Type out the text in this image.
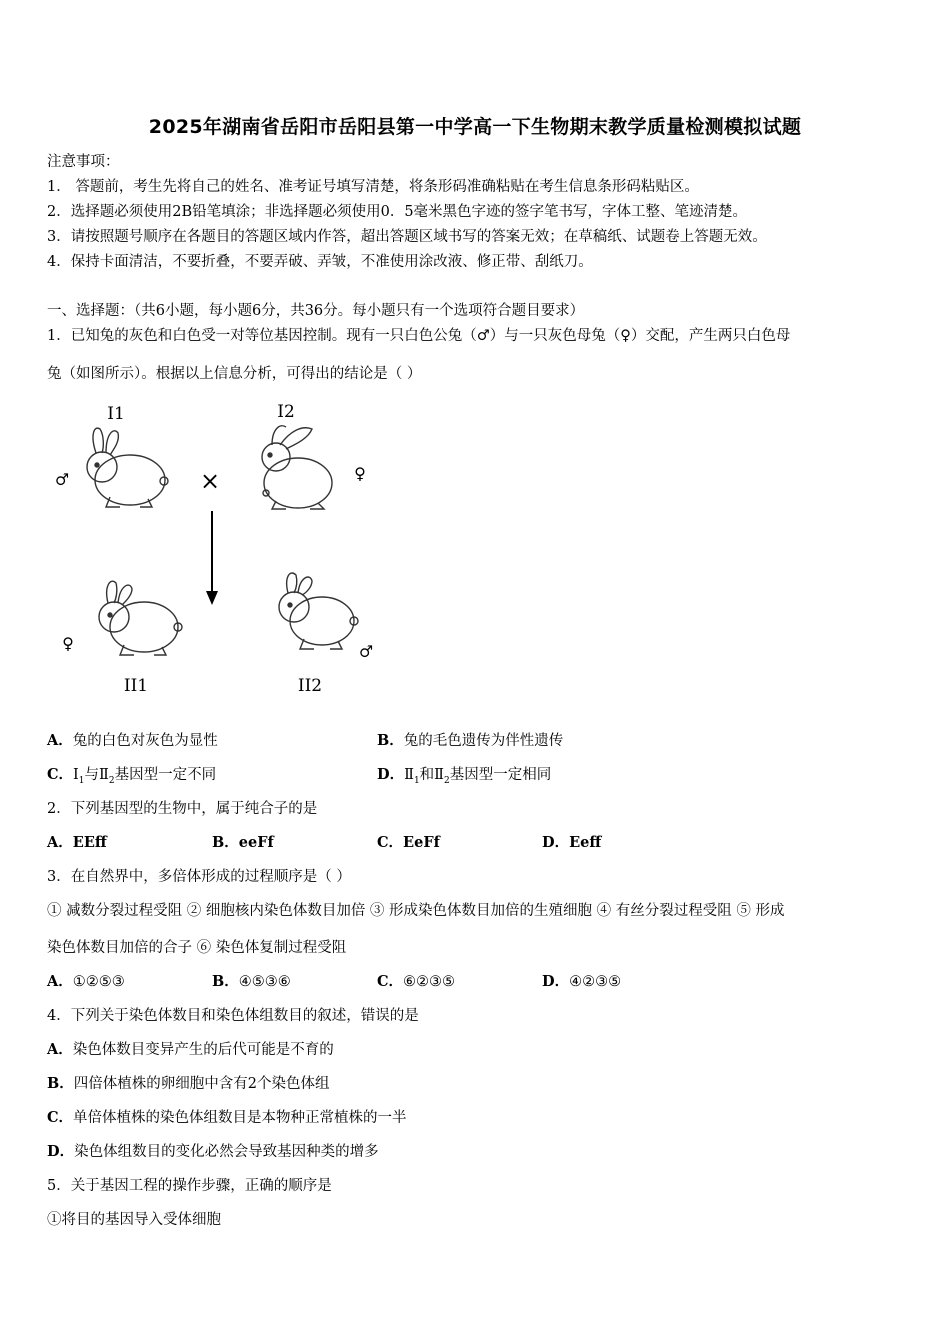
2025年湖南省岳阳市岳阳县第一中学高一下生物期末教学质量检测模拟试题
注意事项：
1． 答题前，考生先将自己的姓名、准考证号填写清楚，将条形码准确粘贴在考生信息条形码粘贴区。
2．选择题必须使用2B铅笔填涂；非选择题必须使用0．5毫米黑色字迹的签字笔书写，字体工整、笔迹清楚。
3．请按照题号顺序在各题目的答题区域内作答，超出答题区域书写的答案无效；在草稿纸、试题卷上答题无效。
4．保持卡面清洁，不要折叠，不要弄破、弄皱，不准使用涂改液、修正带、刮纸刀。
一、选择题：（共6小题，每小题6分，共36分。每小题只有一个选项符合题目要求）
1．已知兔的灰色和白色受一对等位基因控制。现有一只白色公兔（♂）与一只灰色母兔（♀）交配，产生两只白色母
兔（如图所示）。根据以上信息分析，可得出的结论是（ ）
I1	I2
♂	×	♀
♀	♂
II1	II2
A．兔的白色对灰色为显性	B．兔的毛色遗传为伴性遗传
C．$Ⅰ_1$与$Ⅱ_2$基因型一定不同	D．$Ⅱ_1$和$Ⅱ_2$基因型一定相同
2．下列基因型的生物中，属于纯合子的是
A．EEff	B．eeFf	C．EeFf	D．Eeff
3．在自然界中，多倍体形成的过程顺序是（ ）
① 减数分裂过程受阻 ② 细胞核内染色体数目加倍 ③ 形成染色体数目加倍的生殖细胞 ④ 有丝分裂过程受阻 ⑤ 形成
染色体数目加倍的合子 ⑥ 染色体复制过程受阻
A．①②⑤③	B．④⑤③⑥	C．⑥②③⑤	D．④②③⑤
4．下列关于染色体数目和染色体组数目的叙述，错误的是
A．染色体数目变异产生的后代可能是不育的
B．四倍体植株的卵细胞中含有2个染色体组
C．单倍体植株的染色体组数目是本物种正常植株的一半
D．染色体组数目的变化必然会导致基因种类的增多
5．关于基因工程的操作步骤，正确的顺序是
①将目的基因导入受体细胞
